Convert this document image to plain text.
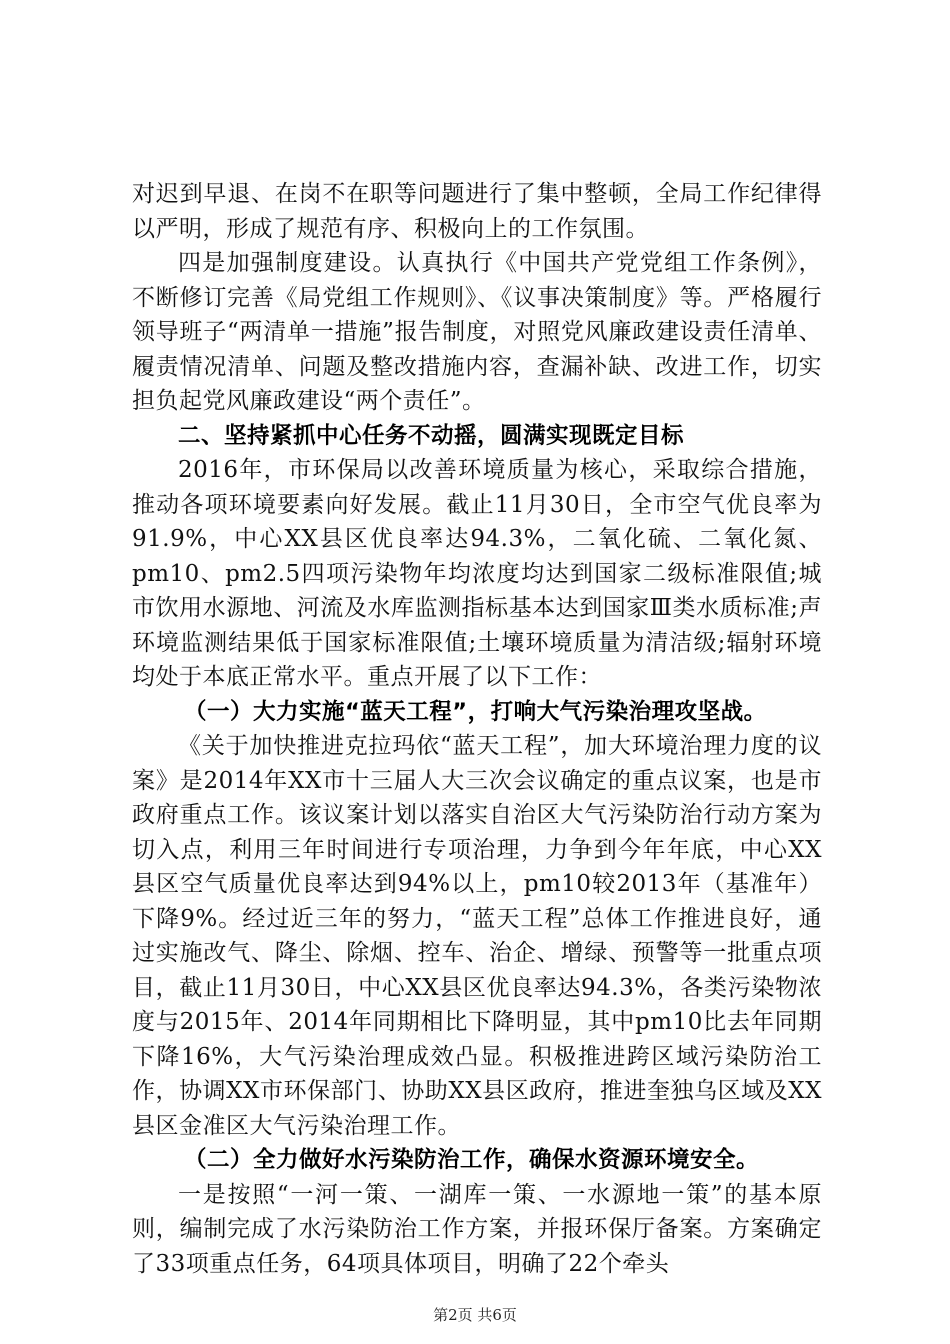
对迟到早退、在岗不在职等问题进行了集中整顿，全局工作纪律得以严明，形成了规范有序、积极向上的工作氛围。

四是加强制度建设。认真执行《中国共产党党组工作条例》，不断修订完善《局党组工作规则》、《议事决策制度》等。严格履行领导班子“两清单一措施”报告制度，对照党风廉政建设责任清单、履责情况清单、问题及整改措施内容，查漏补缺、改进工作，切实担负起党风廉政建设“两个责任”。

二、坚持紧抓中心任务不动摇，圆满实现既定目标

2016年，市环保局以改善环境质量为核心，采取综合措施，推动各项环境要素向好发展。截止11月30日，全市空气优良率为91.9%，中心XX县区优良率达94.3%，二氧化硫、二氧化氮、pm10、pm2.5四项污染物年均浓度均达到国家二级标准限值;城市饮用水源地、河流及水库监测指标基本达到国家Ⅲ类水质标准;声环境监测结果低于国家标准限值;土壤环境质量为清洁级;辐射环境均处于本底正常水平。重点开展了以下工作：

（一）大力实施“蓝天工程”，打响大气污染治理攻坚战。

《关于加快推进克拉玛依“蓝天工程”，加大环境治理力度的议案》是2014年XX市十三届人大三次会议确定的重点议案，也是市政府重点工作。该议案计划以落实自治区大气污染防治行动方案为切入点，利用三年时间进行专项治理，力争到今年年底，中心XX县区空气质量优良率达到94%以上，pm10较2013年（基准年）下降9%。经过近三年的努力，“蓝天工程”总体工作推进良好，通过实施改气、降尘、除烟、控车、治企、增绿、预警等一批重点项目，截止11月30日，中心XX县区优良率达94.3%，各类污染物浓度与2015年、2014年同期相比下降明显，其中pm10比去年同期下降16%，大气污染治理成效凸显。积极推进跨区域污染防治工作，协调XX市环保部门、协助XX县区政府，推进奎独乌区域及XX县区金准区大气污染治理工作。

（二）全力做好水污染防治工作，确保水资源环境安全。

一是按照“一河一策、一湖库一策、一水源地一策”的基本原则，编制完成了水污染防治工作方案，并报环保厅备案。方案确定了33项重点任务，64项具体项目，明确了22个牵头

第2页 共6页
